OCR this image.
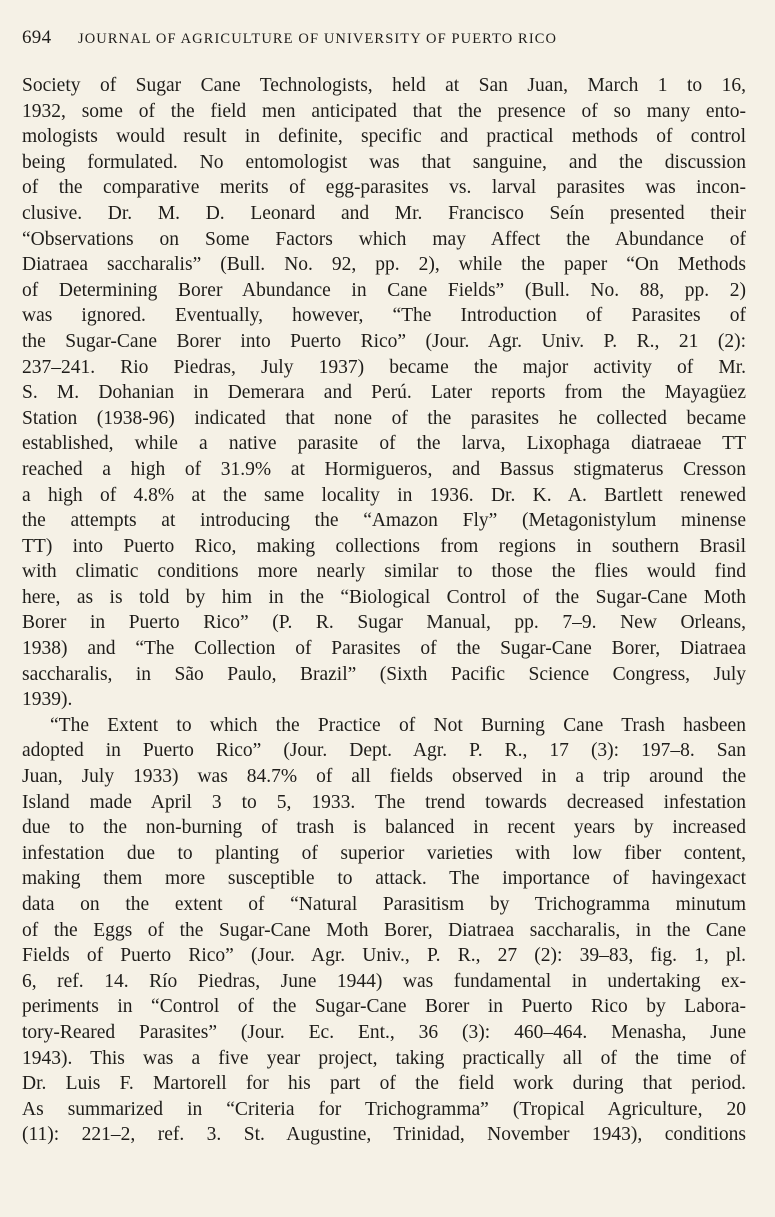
694 JOURNAL OF AGRICULTURE OF UNIVERSITY OF PUERTO RICO
Society of Sugar Cane Technologists, held at San Juan, March 1 to 16,
1932, some of the field men anticipated that the presence of so many ento-
mologists would result in definite, specific and practical methods of control
being formulated. No entomologist was that sanguine, and the discussion
of the comparative merits of egg-parasites vs. larval parasites was incon-
clusive. Dr. M. D. Leonard and Mr. Francisco Seín presented their
“Observations on Some Factors which may Affect the Abundance of
Diatraea saccharalis” (Bull. No. 92, pp. 2), while the paper “On Methods
of Determining Borer Abundance in Cane Fields” (Bull. No. 88, pp. 2)
was ignored. Eventually, however, “The Introduction of Parasites of
the Sugar-Cane Borer into Puerto Rico” (Jour. Agr. Univ. P. R., 21 (2):
237–241. Rio Piedras, July 1937) became the major activity of Mr.
S. M. Dohanian in Demerara and Perú. Later reports from the Mayagüez
Station (1938-96) indicated that none of the parasites he collected became
established, while a native parasite of the larva, Lixophaga diatraeae TT
reached a high of 31.9% at Hormigueros, and Bassus stigmaterus Cresson
a high of 4.8% at the same locality in 1936. Dr. K. A. Bartlett renewed
the attempts at introducing the “Amazon Fly” (Metagonistylum minense
TT) into Puerto Rico, making collections from regions in southern Brasil
with climatic conditions more nearly similar to those the flies would find
here, as is told by him in the “Biological Control of the Sugar-Cane Moth
Borer in Puerto Rico” (P. R. Sugar Manual, pp. 7–9. New Orleans,
1938) and “The Collection of Parasites of the Sugar-Cane Borer, Diatraea
saccharalis, in São Paulo, Brazil” (Sixth Pacific Science Congress, July
1939).
“The Extent to which the Practice of Not Burning Cane Trash hasbeen
adopted in Puerto Rico” (Jour. Dept. Agr. P. R., 17 (3): 197–8. San
Juan, July 1933) was 84.7% of all fields observed in a trip around the
Island made April 3 to 5, 1933. The trend towards decreased infestation
due to the non-burning of trash is balanced in recent years by increased
infestation due to planting of superior varieties with low fiber content,
making them more susceptible to attack. The importance of havingexact
data on the extent of “Natural Parasitism by Trichogramma minutum
of the Eggs of the Sugar-Cane Moth Borer, Diatraea saccharalis, in the Cane
Fields of Puerto Rico” (Jour. Agr. Univ., P. R., 27 (2): 39–83, fig. 1, pl.
6, ref. 14. Río Piedras, June 1944) was fundamental in undertaking ex-
periments in “Control of the Sugar-Cane Borer in Puerto Rico by Labora-
tory-Reared Parasites” (Jour. Ec. Ent., 36 (3): 460–464. Menasha, June
1943). This was a five year project, taking practically all of the time of
Dr. Luis F. Martorell for his part of the field work during that period.
As summarized in “Criteria for Trichogramma” (Tropical Agriculture, 20
(11): 221–2, ref. 3. St. Augustine, Trinidad, November 1943), conditions
